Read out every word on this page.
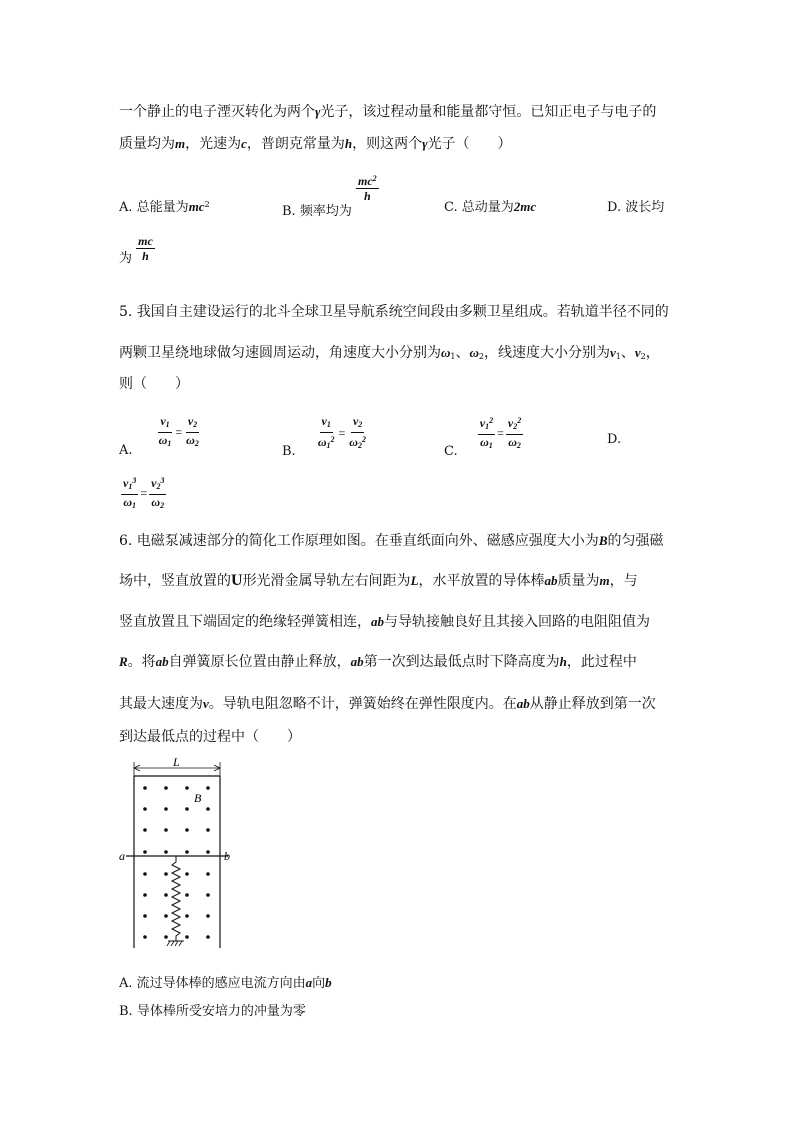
一个静止的电子湮灭转化为两个γ光子，该过程动量和能量都守恒。已知正电子与电子的
质量均为m，光速为c，普朗克常量为h，则这两个γ光子（　　）
A. 总能量为$mc^2$	B. 频率均为
$\frac{mc^2}{h}$
C. 总动量为2mc	D. 波长均
为 $\frac{mc}{h}$
5. 我国自主建设运行的北斗全球卫星导航系统空间段由多颗卫星组成。若轨道半径不同的
两颗卫星绕地球做匀速圆周运动，角速度大小分别为$\omega_1$、$\omega_2$，线速度大小分别为$v_1$、$v_2$，
则（　　）
A. $\frac{v_1}{\omega_1} = \frac{v_2}{\omega_2}$
B. $\frac{v_1}{\omega_1^2} = \frac{v_2}{\omega_2^2}$	C. $\frac{v_1^2}{\omega_1} = \frac{v_2^2}{\omega_2}$	D.
$\frac{v_1^3}{\omega_1} = \frac{v_2^3}{\omega_2}$
6. 电磁泵减速部分的简化工作原理如图。在垂直纸面向外、磁感应强度大小为B的匀强磁
场中，竖直放置的U形光滑金属导轨左右间距为L，水平放置的导体棒ab质量为m，与
竖直放置且下端固定的绝缘轻弹簧相连，ab与导轨接触良好且其接入回路的电阻阻值为
R。将ab自弹簧原长位置由静止释放，ab第一次到达最低点时下降高度为h，此过程中
其最大速度为v。导轨电阻忽略不计，弹簧始终在弹性限度内。在ab从静止释放到第一次
到达最低点的过程中（　　）
L
a	b
B
A. 流过导体棒的感应电流方向由a向b
B. 导体棒所受安培力的冲量为零
